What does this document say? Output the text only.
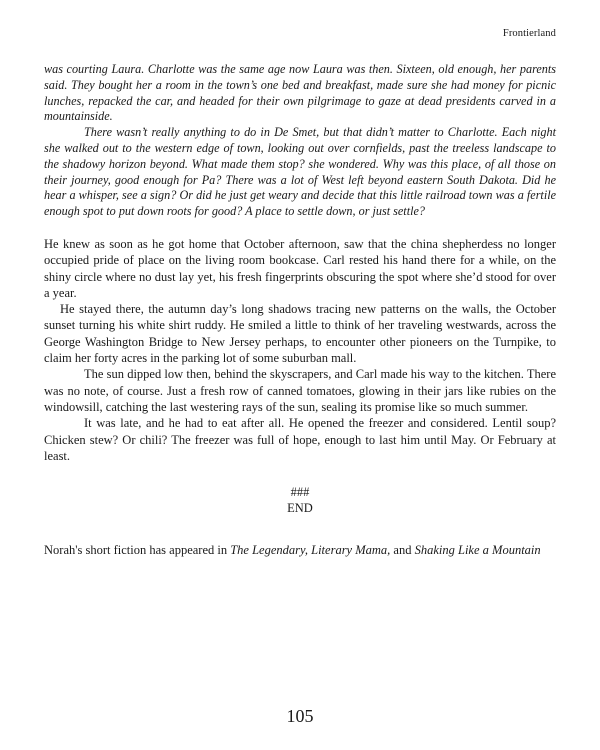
Frontierland

was courting Laura. Charlotte was the same age now Laura was then. Sixteen, old enough, her parents said. They bought her a room in the town’s one bed and breakfast, made sure she had money for picnic lunches, repacked the car, and headed for their own pilgrimage to gaze at dead presidents carved in a mountainside.

There wasn’t really anything to do in De Smet, but that didn’t matter to Charlotte. Each night she walked out to the western edge of town, looking out over cornfields, past the treeless landscape to the shadowy horizon beyond. What made them stop? she wondered. Why was this place, of all those on their journey, good enough for Pa? There was a lot of West left beyond eastern South Dakota. Did he hear a whisper, see a sign? Or did he just get weary and decide that this little railroad town was a fertile enough spot to put down roots for good? A place to settle down, or just settle?

He knew as soon as he got home that October afternoon, saw that the china shepherdess no longer occupied pride of place on the living room bookcase. Carl rested his hand there for a while, on the shiny circle where no dust lay yet, his fresh fingerprints obscuring the spot where she’d stood for over a year.

He stayed there, the autumn day’s long shadows tracing new patterns on the walls, the October sunset turning his white shirt ruddy. He smiled a little to think of her traveling westwards, across the George Washington Bridge to New Jersey perhaps, to encounter other pioneers on the Turnpike, to claim her forty acres in the parking lot of some suburban mall.

The sun dipped low then, behind the skyscrapers, and Carl made his way to the kitchen. There was no note, of course. Just a fresh row of canned tomatoes, glowing in their jars like rubies on the windowsill, catching the last westering rays of the sun, sealing its promise like so much summer.

It was late, and he had to eat after all. He opened the freezer and considered. Lentil soup? Chicken stew? Or chili? The freezer was full of hope, enough to last him until May. Or February at least.

###
END
Norah's short fiction has appeared in The Legendary, Literary Mama, and Shaking Like a Mountain
105
